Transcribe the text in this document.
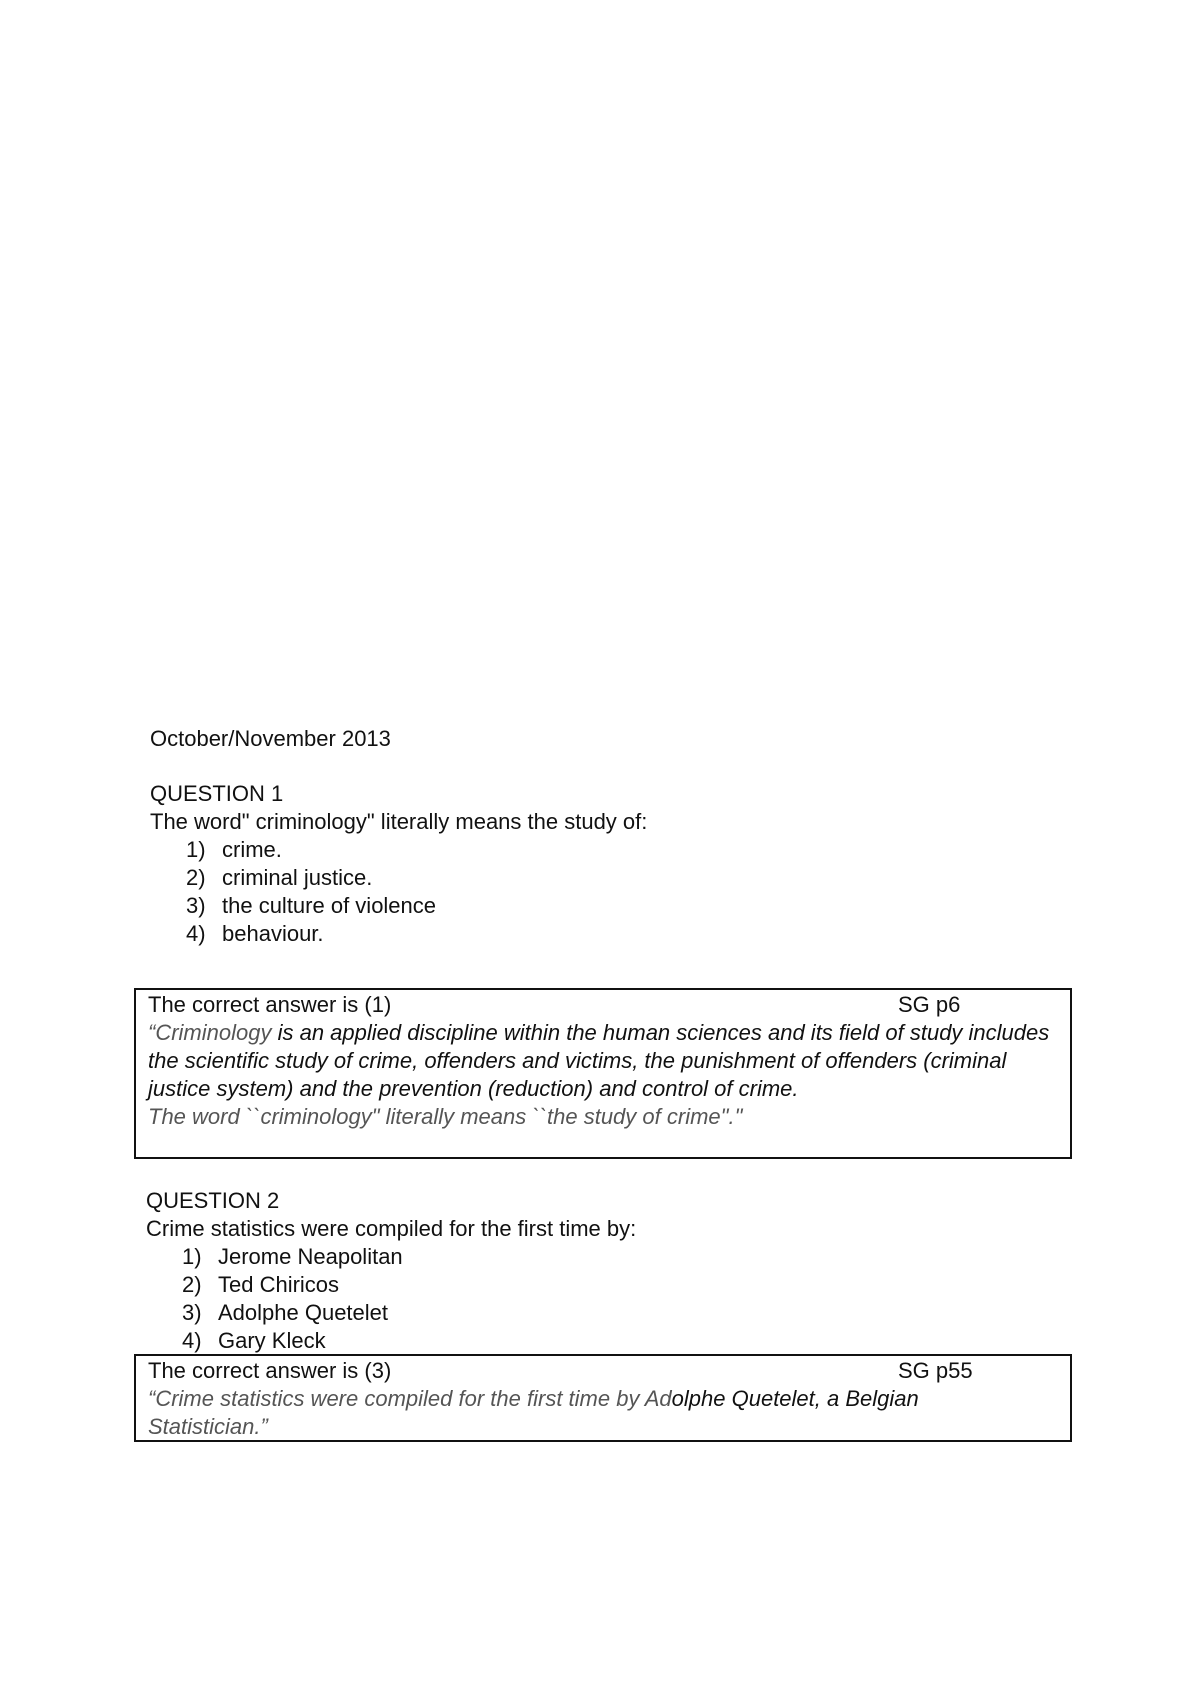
October/November 2013
QUESTION 1
The word" criminology" literally means the study of:
1) crime.
2) criminal justice.
3) the culture of violence
4) behaviour.
The correct answer is (1)	SG p6
“Criminology is an applied discipline within the human sciences and its field of study includes the scientific study of crime, offenders and victims, the punishment of offenders (criminal justice system) and the prevention (reduction) and control of crime.
The word ``criminology" literally means ``the study of crime"."
QUESTION 2
Crime statistics were compiled for the first time by:
1) Jerome Neapolitan
2) Ted Chiricos
3) Adolphe Quetelet
4) Gary Kleck
The correct answer is (3)	SG p55
“Crime statistics were compiled for the first time by Adolphe Quetelet, a Belgian
Statistician.”
